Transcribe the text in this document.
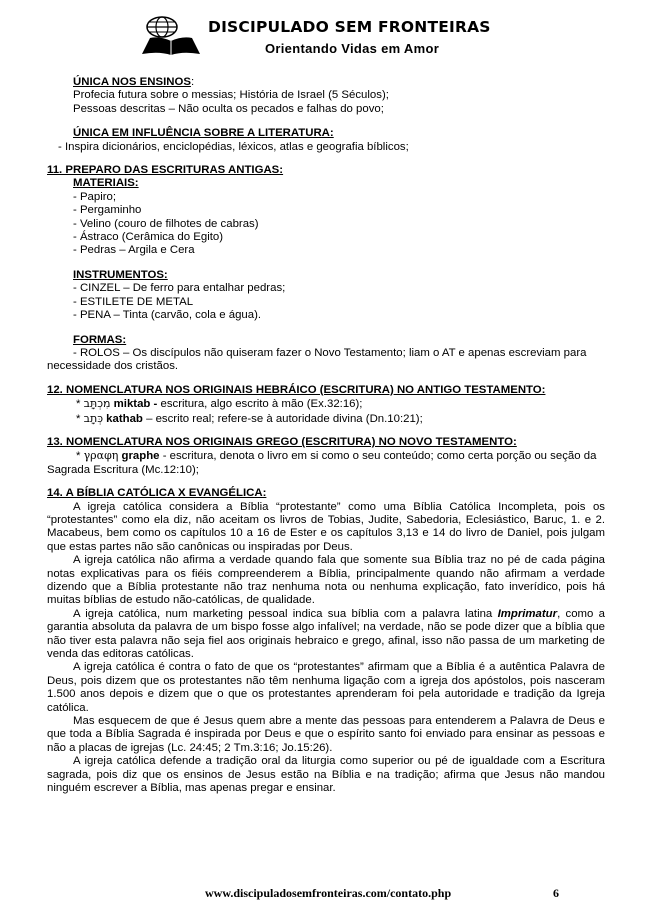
DISCIPULADO SEM FRONTEIRAS
Orientando Vidas em Amor

ÚNICA NOS ENSINOS:

Profecia futura sobre o messias; História de Israel (5 Séculos);

Pessoas descritas – Não oculta os pecados e falhas do povo;

ÚNICA EM INFLUÊNCIA SOBRE A LITERATURA:

- Inspira dicionários, enciclopédias, léxicos, atlas e geografia bíblicos;

11. PREPARO DAS ESCRITURAS ANTIGAS:

MATERIAIS:

- Papiro;

- Pergaminho

- Velino (couro de filhotes de cabras)

- Ástraco (Cerâmica do Egito)

- Pedras – Argila e Cera

INSTRUMENTOS:

- CINZEL – De ferro para entalhar pedras;

- ESTILETE DE METAL

- PENA – Tinta (carvão, cola e água).

FORMAS:

- ROLOS – Os discípulos não quiseram fazer o Novo Testamento; liam o AT e apenas escreviam para necessidade dos cristãos.

12. NOMENCLATURA NOS ORIGINAIS HEBRÁICO (ESCRITURA) NO ANTIGO TESTAMENTO:

* מִכְתָּב miktab - escritura, algo escrito à mão (Ex.32:16);

* כְּתָב kathab – escrito real; refere-se à autoridade divina (Dn.10:21);

13. NOMENCLATURA NOS ORIGINAIS GREGO (ESCRITURA) NO NOVO TESTAMENTO:

* γραφη graphe - escritura, denota o livro em si como o seu conteúdo; como certa porção ou seção da Sagrada Escritura (Mc.12:10);

14. A BÍBLIA CATÓLICA X EVANGÉLICA:

A igreja católica considera a Bíblia “protestante” como uma Bíblia Católica Incompleta, pois os “protestantes” como ela diz, não aceitam os livros de Tobias, Judite, Sabedoria, Eclesiástico, Baruc, 1. e 2. Macabeus, bem como os capítulos 10 a 16 de Ester e os capítulos 3,13 e 14 do livro de Daniel, pois julgam que estas partes não são canônicas ou inspiradas por Deus.

A igreja católica não afirma a verdade quando fala que somente sua Bíblia traz no pé de cada página notas explicativas para os fiéis compreenderem a Bíblia, principalmente quando não afirmam a verdade dizendo que a Bíblia protestante não traz nenhuma nota ou nenhuma explicação, fato inverídico, pois há muitas bíblias de estudo não-católicas, de qualidade.

A igreja católica, num marketing pessoal indica sua bíblia com a palavra latina Imprimatur, como a garantia absoluta da palavra de um bispo fosse algo infalível; na verdade, não se pode dizer que a bíblia que não tiver esta palavra não seja fiel aos originais hebraico e grego, afinal, isso não passa de um marketing de venda das editoras católicas.

A igreja católica é contra o fato de que os “protestantes” afirmam que a Bíblia é a autêntica Palavra de Deus, pois dizem que os protestantes não têm nenhuma ligação com a igreja dos apóstolos, pois nasceram 1.500 anos depois e dizem que o que os protestantes aprenderam foi pela autoridade e tradição da Igreja católica.

Mas esquecem de que é Jesus quem abre a mente das pessoas para entenderem a Palavra de Deus e que toda a Bíblia Sagrada é inspirada por Deus e que o espírito santo foi enviado para ensinar as pessoas e não a placas de igrejas (Lc. 24:45; 2 Tm.3:16; Jo.15:26).

A igreja católica defende a tradição oral da liturgia como superior ou pé de igualdade com a Escritura sagrada, pois diz que os ensinos de Jesus estão na Bíblia e na tradição; afirma que Jesus não mandou ninguém escrever a Bíblia, mas apenas pregar e ensinar.

www.discipuladosemfronteiras.com/contato.php	6
